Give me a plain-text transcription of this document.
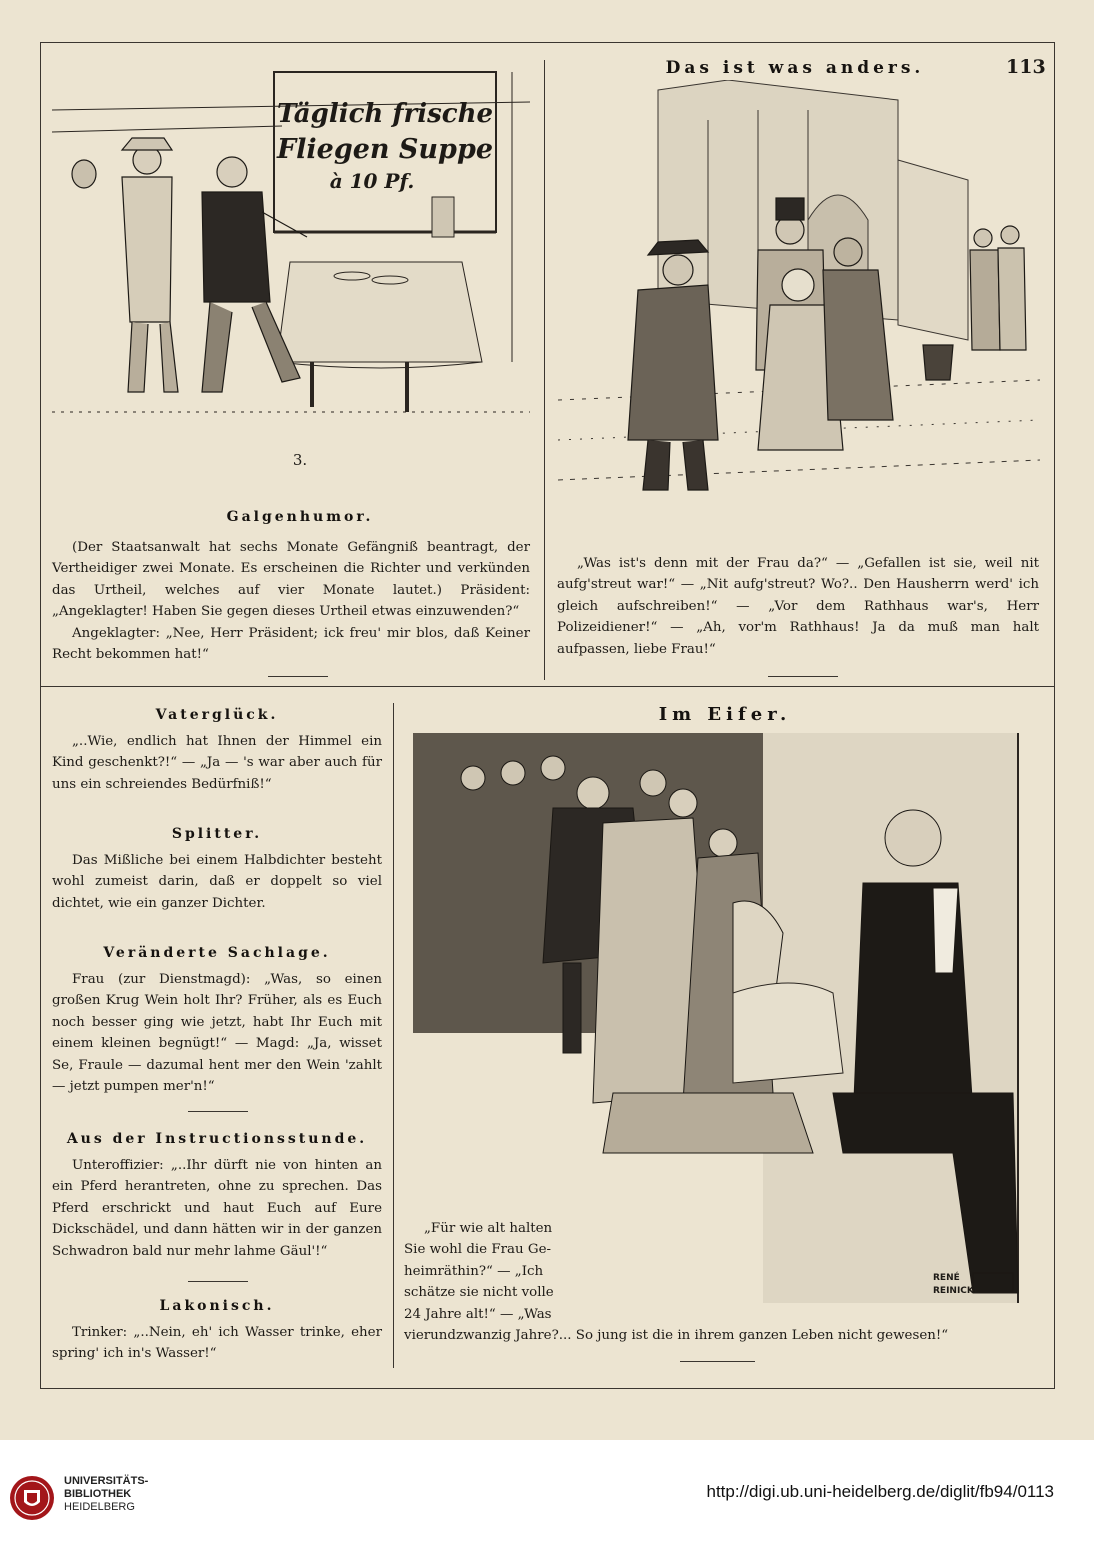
113
Das ist was anders.
Täglich frische
Fliegen Suppe
à 10 Pf.
3.
Galgenhumor.

(Der Staatsanwalt hat sechs Monate Gefängniß beantragt, der Vertheidiger zwei Monate. Es erscheinen die Richter und verkünden das Urtheil, welches auf vier Monate lautet.) Präsident: „Angeklagter! Haben Sie gegen dieses Urtheil etwas einzuwenden?“

Angeklagter: „Nee, Herr Präsident; ick freu' mir blos, daß Keiner Recht bekommen hat!“

„Was ist's denn mit der Frau da?“ — „Gefallen ist sie, weil nit aufg'streut war!“ — „Nit aufg'streut? Wo?.. Den Hausherrn werd' ich gleich aufschreiben!“ — „Vor dem Rathhaus war's, Herr Polizeidiener!“ — „Ah, vor'm Rathhaus! Ja da muß man halt aufpassen, liebe Frau!“

Vaterglück.

„..Wie, endlich hat Ihnen der Himmel ein Kind geschenkt?!“ — „Ja — 's war aber auch für uns ein schreiendes Bedürfniß!“

Splitter.

Das Mißliche bei einem Halbdichter besteht wohl zumeist darin, daß er doppelt so viel dichtet, wie ein ganzer Dichter.

Veränderte Sachlage.

Frau (zur Dienstmagd): „Was, so einen großen Krug Wein holt Ihr? Früher, als es Euch noch besser ging wie jetzt, habt Ihr Euch mit einem kleinen begnügt!“ — Magd: „Ja, wisset Se, Fraule — dazumal hent mer den Wein 'zahlt — jetzt pumpen mer'n!“

Aus der Instructionsstunde.

Unteroffizier: „..Ihr dürft nie von hinten an ein Pferd herantreten, ohne zu sprechen. Das Pferd erschrickt und haut Euch auf Eure Dickschädel, und dann hätten wir in der ganzen Schwadron bald nur mehr lahme Gäul'!“

Lakonisch.

Trinker: „..Nein, eh' ich Wasser trinke, eher spring' ich in's Wasser!“

Im Eifer.
RENÉ
REINICKE

„Für wie alt halten

Sie wohl die Frau Ge-

heimräthin?“ — „Ich

schätze sie nicht volle

24 Jahre alt!“ — „Was

vierundzwanzig Jahre?... So jung ist die in ihrem ganzen Leben nicht gewesen!“
UNIVERSITÄTS-
BIBLIOTHEK
HEIDELBERG
http://digi.ub.uni-heidelberg.de/diglit/fb94/0113
